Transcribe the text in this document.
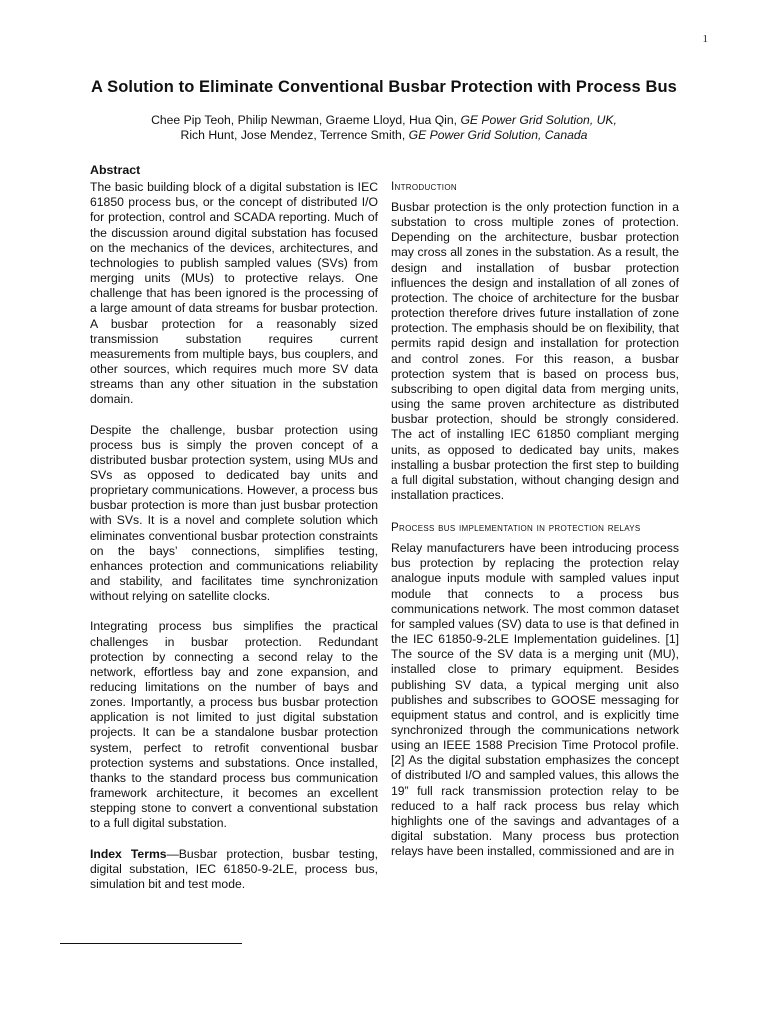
1
A Solution to Eliminate Conventional Busbar Protection with Process Bus
Chee Pip Teoh, Philip Newman, Graeme Lloyd, Hua Qin, GE Power Grid Solution, UK,
Rich Hunt, Jose Mendez, Terrence Smith, GE Power Grid Solution, Canada
Abstract

The basic building block of a digital substation is IEC 61850 process bus, or the concept of distributed I/O for protection, control and SCADA reporting. Much of the discussion around digital substation has focused on the mechanics of the devices, architectures, and technologies to publish sampled values (SVs) from merging units (MUs) to protective relays. One challenge that has been ignored is the processing of a large amount of data streams for busbar protection. A busbar protection for a reasonably sized transmission substation requires current measurements from multiple bays, bus couplers, and other sources, which requires much more SV data streams than any other situation in the substation domain.

Despite the challenge, busbar protection using process bus is simply the proven concept of a distributed busbar protection system, using MUs and SVs as opposed to dedicated bay units and proprietary communications. However, a process bus busbar protection is more than just busbar protection with SVs. It is a novel and complete solution which eliminates conventional busbar protection constraints on the bays’ connections, simplifies testing, enhances protection and communications reliability and stability, and facilitates time synchronization without relying on satellite clocks.

Integrating process bus simplifies the practical challenges in busbar protection. Redundant protection by connecting a second relay to the network, effortless bay and zone expansion, and reducing limitations on the number of bays and zones. Importantly, a process bus busbar protection application is not limited to just digital substation projects. It can be a standalone busbar protection system, perfect to retrofit conventional busbar protection systems and substations. Once installed, thanks to the standard process bus communication framework architecture, it becomes an excellent stepping stone to convert a conventional substation to a full digital substation.

Index Terms—Busbar protection, busbar testing, digital substation, IEC 61850-9-2LE, process bus, simulation bit and test mode.

Introduction

Busbar protection is the only protection function in a substation to cross multiple zones of protection. Depending on the architecture, busbar protection may cross all zones in the substation. As a result, the design and installation of busbar protection influences the design and installation of all zones of protection. The choice of architecture for the busbar protection therefore drives future installation of zone protection. The emphasis should be on flexibility, that permits rapid design and installation for protection and control zones. For this reason, a busbar protection system that is based on process bus, subscribing to open digital data from merging units, using the same proven architecture as distributed busbar protection, should be strongly considered. The act of installing IEC 61850 compliant merging units, as opposed to dedicated bay units, makes installing a busbar protection the first step to building a full digital substation, without changing design and installation practices.

Process bus implementation in protection relays

Relay manufacturers have been introducing process bus protection by replacing the protection relay analogue inputs module with sampled values input module that connects to a process bus communications network. The most common dataset for sampled values (SV) data to use is that defined in the IEC 61850-9-2LE Implementation guidelines. [1] The source of the SV data is a merging unit (MU), installed close to primary equipment. Besides publishing SV data, a typical merging unit also publishes and subscribes to GOOSE messaging for equipment status and control, and is explicitly time synchronized through the communications network using an IEEE 1588 Precision Time Protocol profile. [2] As the digital substation emphasizes the concept of distributed I/O and sampled values, this allows the 19” full rack transmission protection relay to be reduced to a half rack process bus relay which highlights one of the savings and advantages of a digital substation. Many process bus protection relays have been installed, commissioned and are in
